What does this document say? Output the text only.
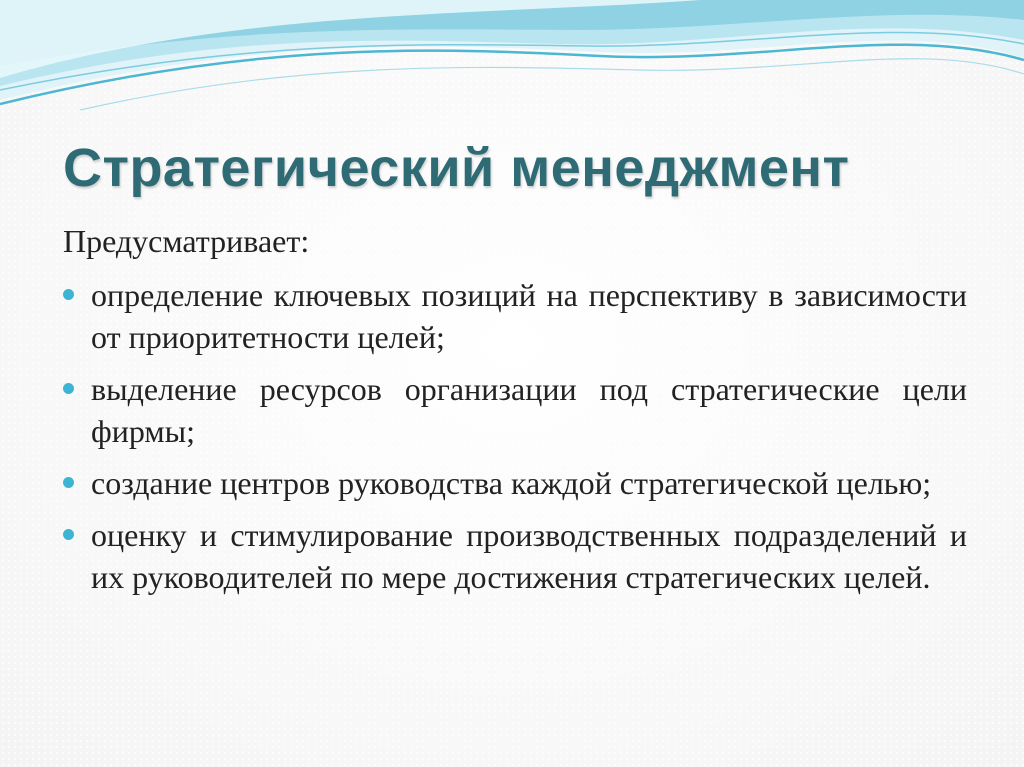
Стратегический менеджмент

Предусматривает:

определение ключевых позиций на перспективу в зависимости от приоритетности целей;
выделение ресурсов организации под стратегические цели фирмы;
создание центров руководства каждой стратегической целью;
оценку и стимулирование производственных подразделений и их руководителей по мере достижения стратегических целей.
